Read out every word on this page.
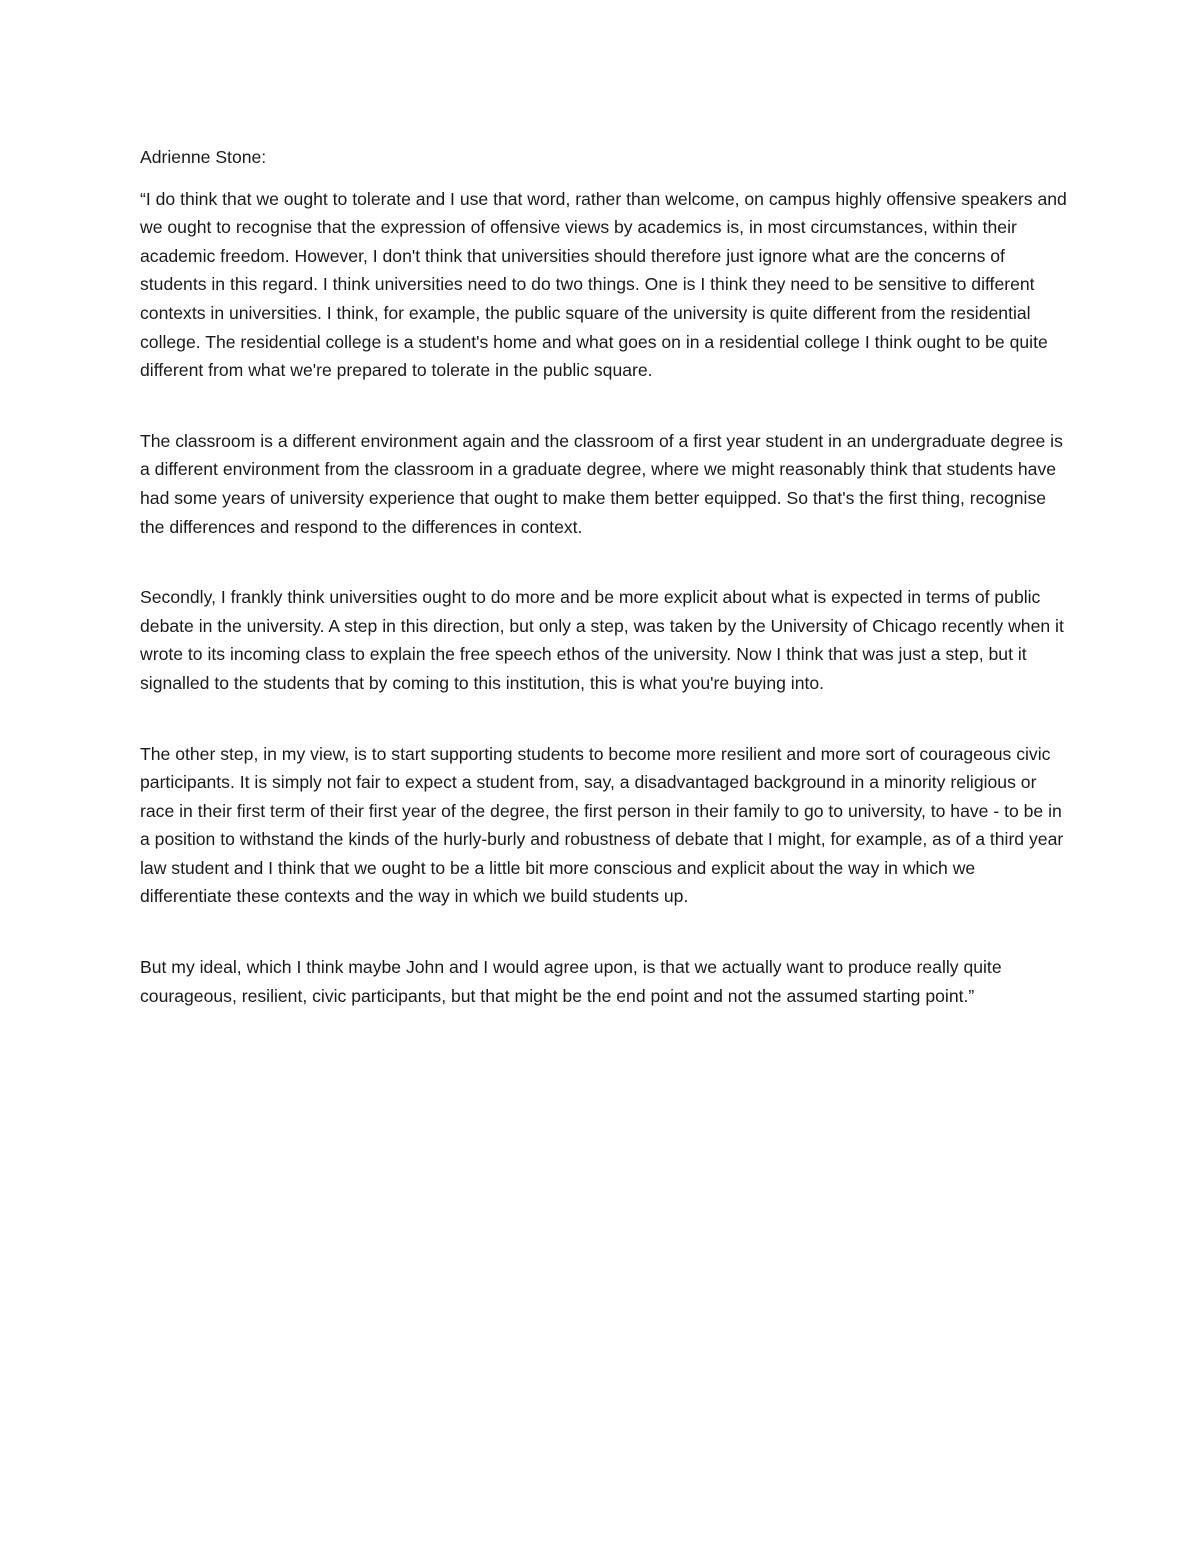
Adrienne Stone:

“I do think that we ought to tolerate and I use that word, rather than welcome, on campus highly offensive speakers and we ought to recognise that the expression of offensive views by academics is, in most circumstances, within their academic freedom. However, I don't think that universities should therefore just ignore what are the concerns of students in this regard. I think universities need to do two things. One is I think they need to be sensitive to different contexts in universities. I think, for example, the public square of the university is quite different from the residential college. The residential college is a student's home and what goes on in a residential college I think ought to be quite different from what we're prepared to tolerate in the public square.

The classroom is a different environment again and the classroom of a first year student in an undergraduate degree is a different environment from the classroom in a graduate degree, where we might reasonably think that students have had some years of university experience that ought to make them better equipped. So that's the first thing, recognise the differences and respond to the differences in context.

Secondly, I frankly think universities ought to do more and be more explicit about what is expected in terms of public debate in the university. A step in this direction, but only a step, was taken by the University of Chicago recently when it wrote to its incoming class to explain the free speech ethos of the university. Now I think that was just a step, but it signalled to the students that by coming to this institution, this is what you're buying into.

The other step, in my view, is to start supporting students to become more resilient and more sort of courageous civic participants. It is simply not fair to expect a student from, say, a disadvantaged background in a minority religious or race in their first term of their first year of the degree, the first person in their family to go to university, to have - to be in a position to withstand the kinds of the hurly-burly and robustness of debate that I might, for example, as of a third year law student and I think that we ought to be a little bit more conscious and explicit about the way in which we differentiate these contexts and the way in which we build students up.

But my ideal, which I think maybe John and I would agree upon, is that we actually want to produce really quite courageous, resilient, civic participants, but that might be the end point and not the assumed starting point.”
